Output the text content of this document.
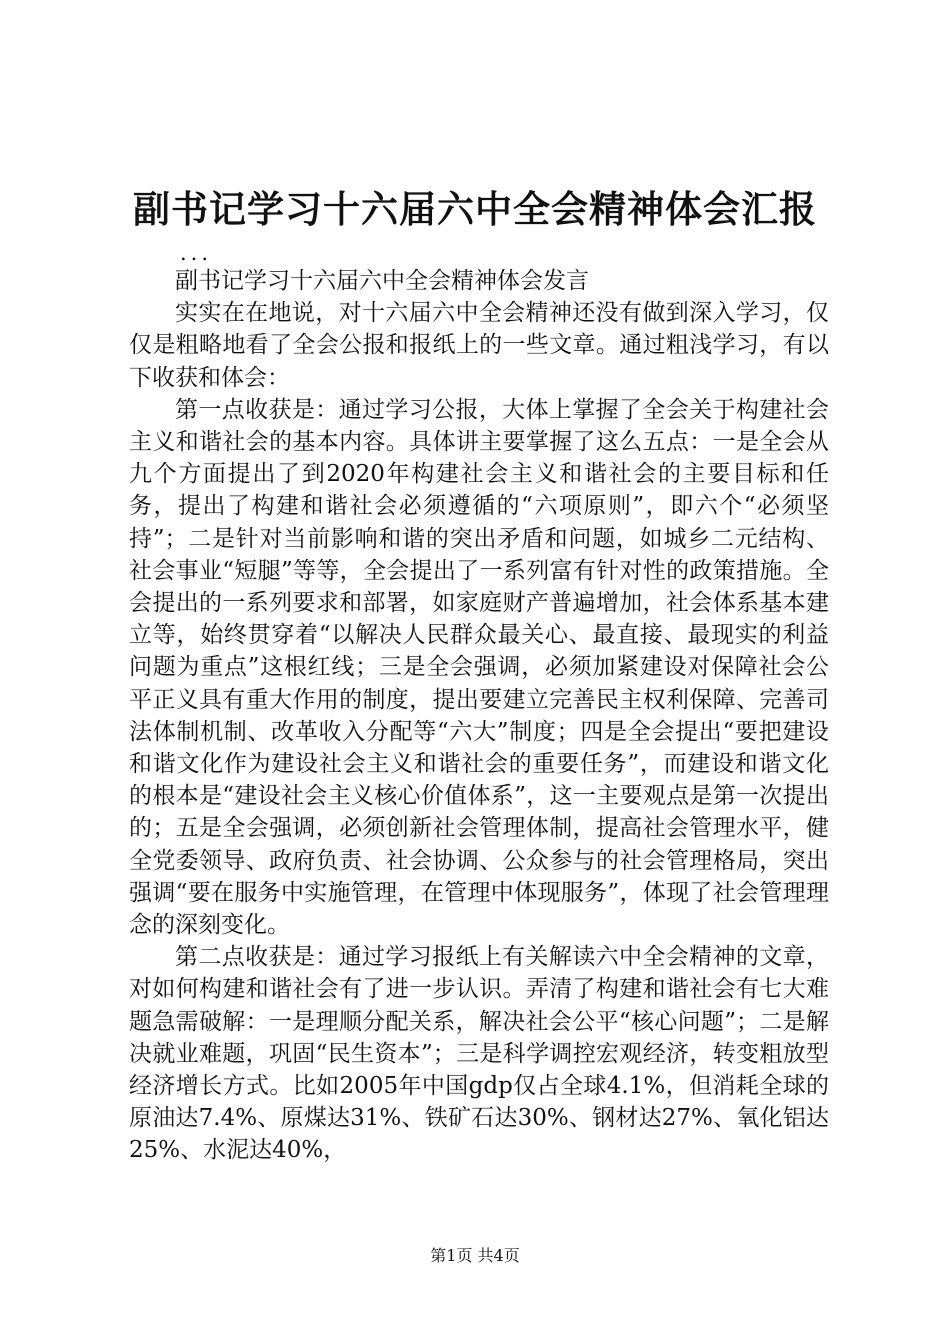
副书记学习十六届六中全会精神体会汇报
...

副书记学习十六届六中全会精神体会发言

实实在在地说，对十六届六中全会精神还没有做到深入学习，仅仅是粗略地看了全会公报和报纸上的一些文章。通过粗浅学习，有以下收获和体会：

第一点收获是：通过学习公报，大体上掌握了全会关于构建社会主义和谐社会的基本内容。具体讲主要掌握了这么五点：一是全会从九个方面提出了到2020年构建社会主义和谐社会的主要目标和任务，提出了构建和谐社会必须遵循的“六项原则”，即六个“必须坚持”；二是针对当前影响和谐的突出矛盾和问题，如城乡二元结构、社会事业“短腿”等等，全会提出了一系列富有针对性的政策措施。全会提出的一系列要求和部署，如家庭财产普遍增加，社会体系基本建立等，始终贯穿着“以解决人民群众最关心、最直接、最现实的利益问题为重点”这根红线；三是全会强调，必须加紧建设对保障社会公平正义具有重大作用的制度，提出要建立完善民主权利保障、完善司法体制机制、改革收入分配等“六大”制度；四是全会提出“要把建设和谐文化作为建设社会主义和谐社会的重要任务”，而建设和谐文化的根本是“建设社会主义核心价值体系”，这一主要观点是第一次提出的；五是全会强调，必须创新社会管理体制，提高社会管理水平，健全党委领导、政府负责、社会协调、公众参与的社会管理格局，突出强调“要在服务中实施管理，在管理中体现服务”，体现了社会管理理念的深刻变化。

第二点收获是：通过学习报纸上有关解读六中全会精神的文章，对如何构建和谐社会有了进一步认识。弄清了构建和谐社会有七大难题急需破解：一是理顺分配关系，解决社会公平“核心问题”；二是解决就业难题，巩固“民生资本”；三是科学调控宏观经济，转变粗放型经济增长方式。比如2005年中国gdp仅占全球4.1%，但消耗全球的原油达7.4%、原煤达31%、铁矿石达30%、钢材达27%、氧化铝达25%、水泥达40%，

第1页 共4页
